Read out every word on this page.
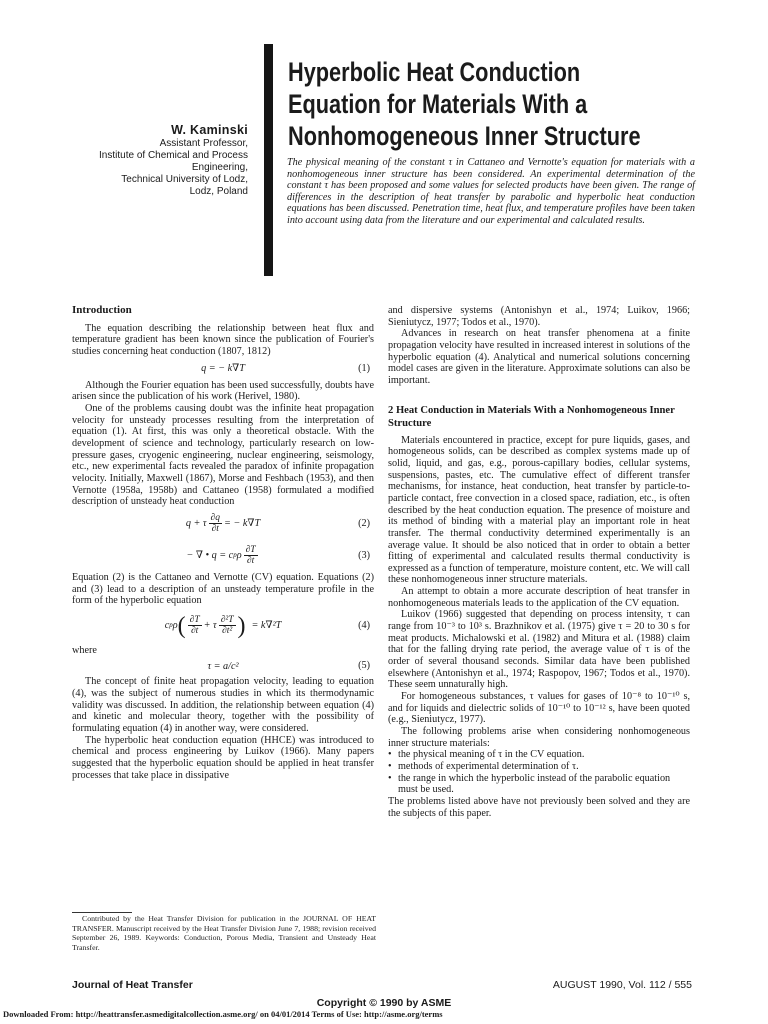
W. Kaminski
Assistant Professor,
Institute of Chemical and Process
Engineering,
Technical University of Lodz,
Lodz, Poland
Hyperbolic Heat Conduction
Equation for Materials With a
Nonhomogeneous Inner Structure

The physical meaning of the constant τ in Cattaneo and Vernotte's equation for materials with a nonhomogeneous inner structure has been considered. An experimental determination of the constant τ has been proposed and some values for selected products have been given. The range of differences in the description of heat transfer by parabolic and hyperbolic heat conduction equations has been discussed. Penetration time, heat flux, and temperature profiles have been taken into account using data from the literature and our experimental and calculated results.

Introduction

The equation describing the relationship between heat flux and temperature gradient has been known since the publication of Fourier's studies concerning heat conduction (1807, 1812)

q = − k∇T	(1)

Although the Fourier equation has been used successfully, doubts have arisen since the publication of his work (Herivel, 1980).

One of the problems causing doubt was the infinite heat propagation velocity for unsteady processes resulting from the interpretation of equation (1). At first, this was only a theoretical obstacle. With the development of science and technology, particularly research on low-pressure gases, cryogenic engineering, nuclear engineering, seismology, etc., new experimental facts revealed the paradox of infinite propagation velocity. Initially, Maxwell (1867), Morse and Feshbach (1953), and then Vernotte (1958a, 1958b) and Cattaneo (1958) formulated a modified description of unsteady heat conduction

q + τ $\frac{\partial q}{\partial t}$ = − k∇T	(2)
− ∇ • q = c p ρ $\frac{\partial T}{\partial t}$	(3)

Equation (2) is the Cattaneo and Vernotte (CV) equation. Equations (2) and (3) lead to a description of an unsteady temperature profile in the form of the hyperbolic equation

c p ρ ( $\frac{\partial T}{\partial t} + \tau \frac{\text{∂²T}}{\text{∂t²}}$ ) = k∇²T	(4)

where

τ = a/c²	(5)

The concept of finite heat propagation velocity, leading to equation (4), was the subject of numerous studies in which its thermodynamic validity was discussed. In addition, the relationship between equation (4) and kinetic and molecular theory, together with the possibility of formulating equation (4) in another way, were considered.

The hyperbolic heat conduction equation (HHCE) was introduced to chemical and process engineering by Luikov (1966). Many papers suggested that the hyperbolic equation should be applied in heat transfer processes that take place in dissipative

and dispersive systems (Antonishyn et al., 1974; Luikov, 1966; Sieniutycz, 1977; Todos et al., 1970).

Advances in research on heat transfer phenomena at a finite propagation velocity have resulted in increased interest in solutions of the hyperbolic equation (4). Analytical and numerical solutions concerning model cases are given in the literature. Approximate solutions can also be important.

2 Heat Conduction in Materials With a Nonhomogeneous Inner Structure

Materials encountered in practice, except for pure liquids, gases, and homogeneous solids, can be described as complex systems made up of solid, liquid, and gas, e.g., porous-capillary bodies, cellular systems, suspensions, pastes, etc. The cumulative effect of different transfer mechanisms, for instance, heat conduction, heat transfer by particle-to-particle contact, free convection in a closed space, radiation, etc., is often described by the heat conduction equation. The presence of moisture and its method of binding with a material play an important role in heat transfer. The thermal conductivity determined experimentally is an average value. It should be also noticed that in order to obtain a better fitting of experimental and calculated results thermal conductivity is expressed as a function of temperature, moisture content, etc. We will call these nonhomogeneous inner structure materials.

An attempt to obtain a more accurate description of heat transfer in nonhomogeneous materials leads to the application of the CV equation.

Luikov (1966) suggested that depending on process intensity, τ can range from 10⁻³ to 10³ s. Brazhnikov et al. (1975) give τ = 20 to 30 s for meat products. Michalowski et al. (1982) and Mitura et al. (1988) claim that for the falling drying rate period, the average value of τ is of the order of several thousand seconds. Similar data have been published elsewhere (Antonishyn et al., 1974; Raspopov, 1967; Todos et al., 1970). These seem unnaturally high.

For homogeneous substances, τ values for gases of 10⁻⁸ to 10⁻¹⁰ s, and for liquids and dielectric solids of 10⁻¹⁰ to 10⁻¹² s, have been quoted (e.g., Sieniutycz, 1977).

The following problems arise when considering nonhomogeneous inner structure materials:

• the physical meaning of τ in the CV equation.
• methods of experimental determination of τ.
• the range in which the hyperbolic instead of the parabolic equation must be used.

The problems listed above have not previously been solved and they are the subjects of this paper.

Contributed by the Heat Transfer Division for publication in the JOURNAL OF HEAT TRANSFER. Manuscript received by the Heat Transfer Division June 7, 1988; revision received September 26, 1989. Keywords: Conduction, Porous Media, Transient and Unsteady Heat Transfer.

Journal of Heat Transfer	AUGUST 1990, Vol. 112 / 555
Copyright © 1990 by ASME
Downloaded From: http://heattransfer.asmedigitalcollection.asme.org/ on 04/01/2014 Terms of Use: http://asme.org/terms
